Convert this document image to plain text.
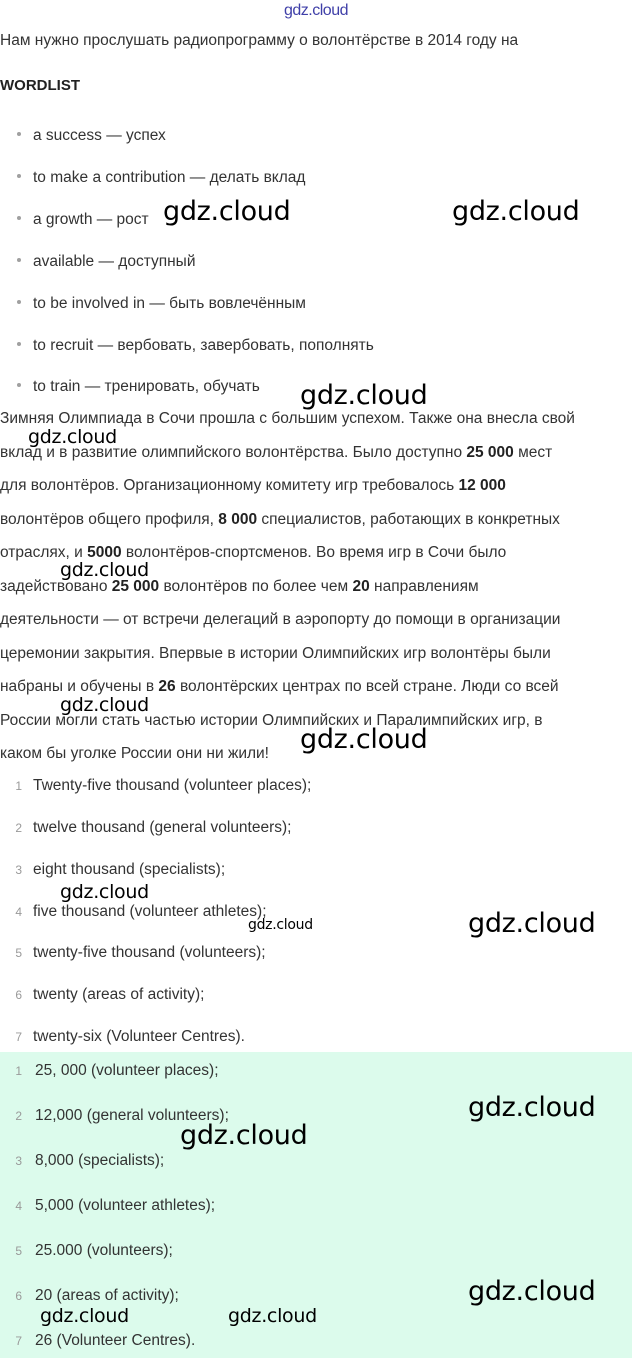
gdz.cloud
Нам нужно прослушать радиопрограмму о волонтёрстве в 2014 году на
WORDLIST
a success — успех
to make a contribution — делать вклад
a growth — рост
available — доступный
to be involved in — быть вовлечённым
to recruit — вербовать, завербовать, пополнять
to train — тренировать, обучать
Зимняя Олимпиада в Сочи прошла с большим успехом. Также она внесла свой
вклад и в развитие олимпийского волонтёрства. Было доступно 25 000 мест
для волонтёров. Организационному комитету игр требовалось 12 000
волонтёров общего профиля, 8 000 специалистов, работающих в конкретных
отраслях, и 5000 волонтёров-спортсменов. Во время игр в Сочи было
задействовано 25 000 волонтёров по более чем 20 направлениям
деятельности — от встречи делегаций в аэропорту до помощи в организации
церемонии закрытия. Впервые в истории Олимпийских игр волонтёры были
набраны и обучены в 26 волонтёрских центрах по всей стране. Люди со всей
России могли стать частью истории Олимпийских и Паралимпийских игр, в
каком бы уголке России они ни жили!
1 Twenty-five thousand (volunteer places);
2 twelve thousand (general volunteers);
3 eight thousand (specialists);
4 five thousand (volunteer athletes);
5 twenty-five thousand (volunteers);
6 twenty (areas of activity);
7 twenty-six (Volunteer Centres).
1 25, 000 (volunteer places);
2 12,000 (general volunteers);
3 8,000 (specialists);
4 5,000 (volunteer athletes);
5 25.000 (volunteers);
6 20 (areas of activity);
7 26 (Volunteer Centres).
gdz.cloud	gdz.cloud
gdz.cloud
gdz.cloud
gdz.cloud
gdz.cloud
gdz.cloud
gdz.cloud
gdz.cloud	gdz.cloud
gdz.cloud
gdz.cloud
gdz.cloud
gdz.cloud	gdz.cloud
